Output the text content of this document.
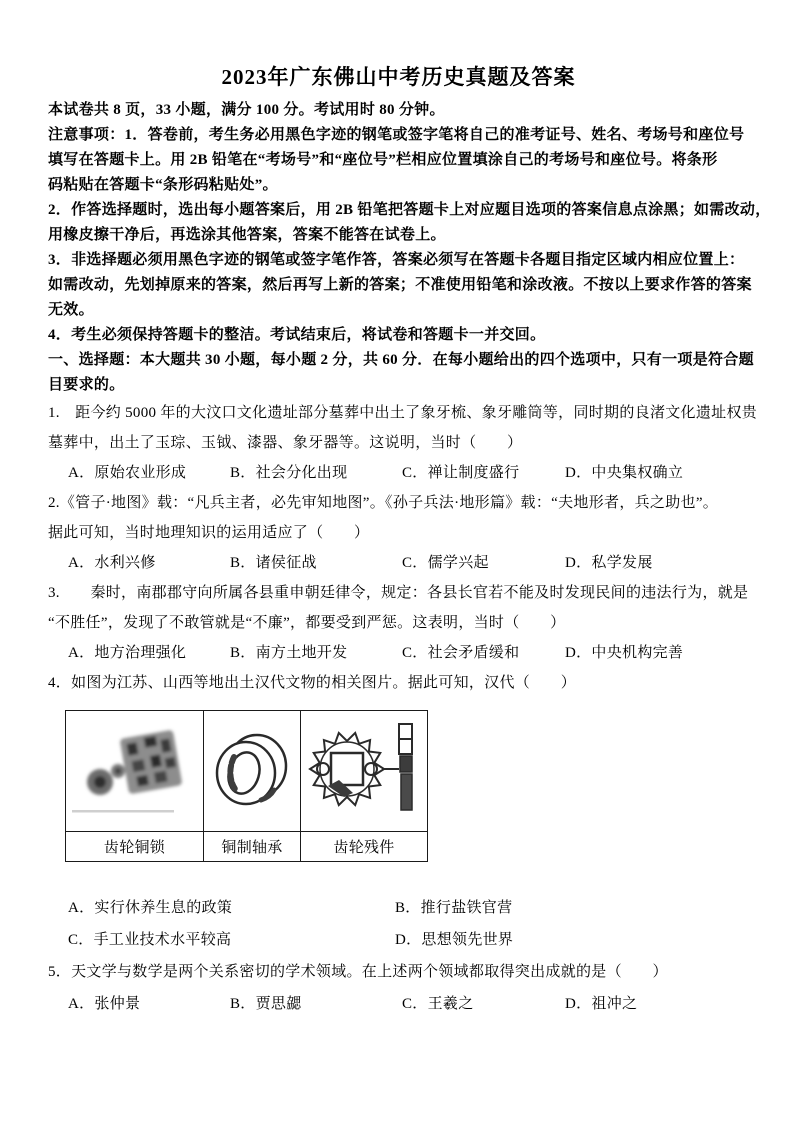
2023年广东佛山中考历史真题及答案

本试卷共 8 页，33 小题，满分 100 分。考试用时 80 分钟。

注意事项：1．答卷前，考生务必用黑色字迹的钢笔或签字笔将自己的准考证号、姓名、考场号和座位号

填写在答题卡上。用 2B 铅笔在“考场号”和“座位号”栏相应位置填涂自己的考场号和座位号。将条形

码粘贴在答题卡“条形码粘贴处”。

2．作答选择题时，选出每小题答案后，用 2B 铅笔把答题卡上对应题目选项的答案信息点涂黑；如需改动，

用橡皮擦干净后，再选涂其他答案，答案不能答在试卷上。

3．非选择题必须用黑色字迹的钢笔或签字笔作答，答案必须写在答题卡各题目指定区域内相应位置上：

如需改动，先划掉原来的答案，然后再写上新的答案；不准使用铅笔和涂改液。不按以上要求作答的答案

无效。

4．考生必须保持答题卡的整洁。考试结束后，将试卷和答题卡一并交回。

一、选择题：本大题共 30 小题，每小题 2 分，共 60 分．在每小题给出的四个选项中，只有一项是符合题

目要求的。

1.　距今约 5000 年的大汶口文化遗址部分墓葬中出土了象牙梳、象牙雕筒等，同时期的良渚文化遗址权贵

墓葬中，出土了玉琮、玉钺、漆器、象牙器等。这说明，当时（　　）

A．原始农业形成	B．社会分化出现	C．禅让制度盛行	D．中央集权确立

2.《管子·地图》载：“凡兵主者，必先审知地图”。《孙子兵法·地形篇》载：“夫地形者，兵之助也”。

据此可知，当时地理知识的运用适应了（　　）

A．水利兴修	B．诸侯征战	C．儒学兴起	D．私学发展

3.　　秦时，南郡郡守向所属各县重申朝廷律令，规定：各县长官若不能及时发现民间的违法行为，就是

“不胜任”，发现了不敢管就是“不廉”，都要受到严惩。这表明，当时（　　）

A．地方治理强化	B．南方土地开发	C．社会矛盾缓和	D．中央机构完善

4．如图为江苏、山西等地出土汉代文物的相关图片。据此可知，汉代（　　）

齿轮铜锁	铜制轴承	齿轮残件
A．实行休养生息的政策	B．推行盐铁官营
C．手工业技术水平较高	D．思想领先世界

5．天文学与数学是两个关系密切的学术领域。在上述两个领域都取得突出成就的是（　　）

A．张仲景	B．贾思勰	C．王羲之	D．祖冲之
